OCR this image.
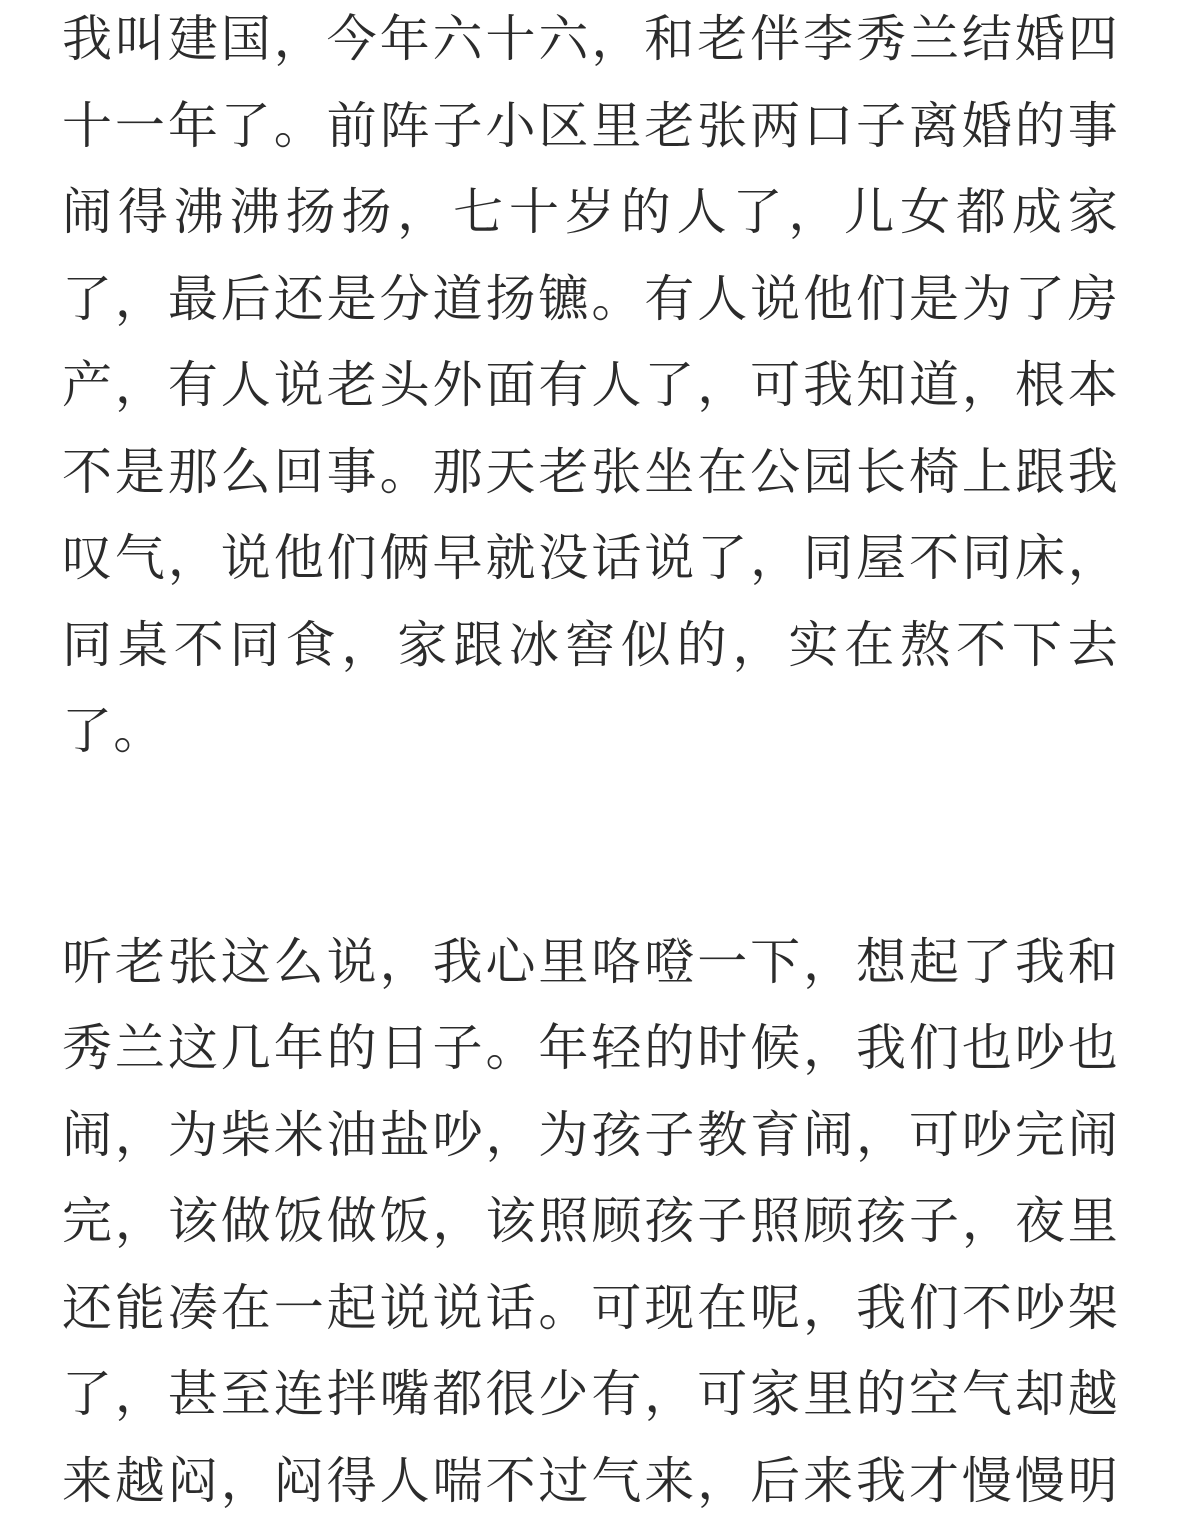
我叫建国，今年六十六，和老伴李秀兰结婚四
十一年了。前阵子小区里老张两口子离婚的事
闹得沸沸扬扬，七十岁的人了，儿女都成家
了，最后还是分道扬镳。有人说他们是为了房
产，有人说老头外面有人了，可我知道，根本
不是那么回事。那天老张坐在公园长椅上跟我
叹气，说他们俩早就没话说了，同屋不同床，
同桌不同食，家跟冰窖似的，实在熬不下去
了。
听老张这么说，我心里咯噔一下，想起了我和
秀兰这几年的日子。年轻的时候，我们也吵也
闹，为柴米油盐吵，为孩子教育闹，可吵完闹
完，该做饭做饭，该照顾孩子照顾孩子，夜里
还能凑在一起说说话。可现在呢，我们不吵架
了，甚至连拌嘴都很少有，可家里的空气却越
来越闷，闷得人喘不过气来，后来我才慢慢明
